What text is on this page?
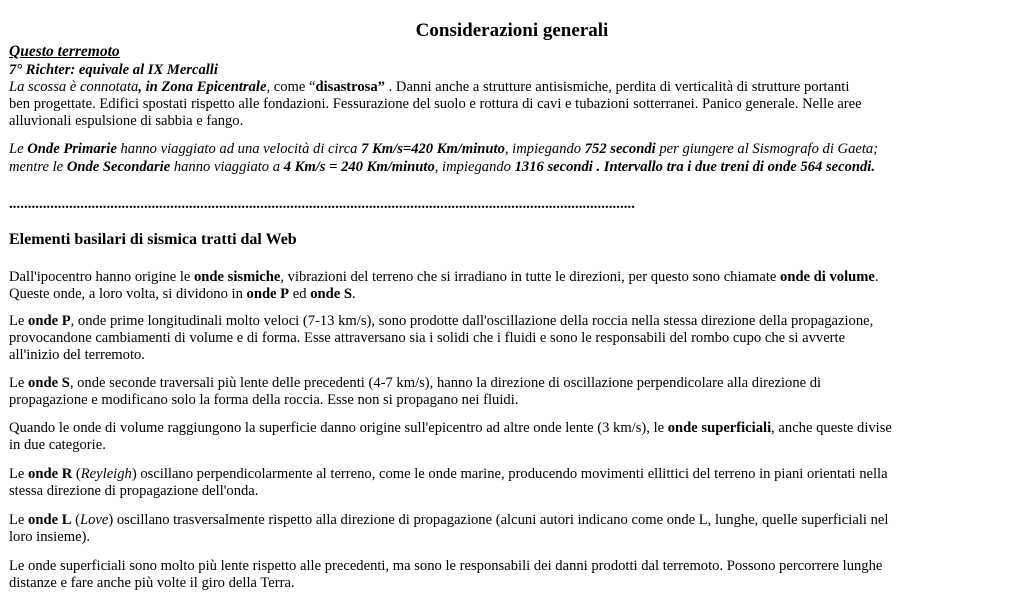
Considerazioni generali
Questo terremoto
7° Richter: equivale al IX Mercalli
La scossa è connotata, in Zona Epicentrale, come “disastrosa” . Danni anche a strutture antisismiche, perdita di verticalità di strutture portanti
ben progettate. Edifici spostati rispetto alle fondazioni. Fessurazione del suolo e rottura di cavi e tubazioni sotterranei. Panico generale. Nelle aree
alluvionali espulsione di sabbia e fango.
Le Onde Primarie hanno viaggiato ad una velocità di circa 7 Km/s=420 Km/minuto, impiegando 752 secondi per giungere al Sismografo di Gaeta;
mentre le Onde Secondarie hanno viaggiato a 4 Km/s = 240 Km/minuto, impiegando 1316 secondi . Intervallo tra i due treni di onde 564 secondi.
.......................................................................................................................................................................
Elementi basilari di sismica tratti dal Web
Dall'ipocentro hanno origine le onde sismiche, vibrazioni del terreno che si irradiano in tutte le direzioni, per questo sono chiamate onde di volume.
Queste onde, a loro volta, si dividono in onde P ed onde S.
Le onde P, onde prime longitudinali molto veloci (7-13 km/s), sono prodotte dall'oscillazione della roccia nella stessa direzione della propagazione,
provocandone cambiamenti di volume e di forma. Esse attraversano sia i solidi che i fluidi e sono le responsabili del rombo cupo che si avverte
all'inizio del terremoto.
Le onde S, onde seconde traversali più lente delle precedenti (4-7 km/s), hanno la direzione di oscillazione perpendicolare alla direzione di
propagazione e modificano solo la forma della roccia. Esse non si propagano nei fluidi.
Quando le onde di volume raggiungono la superficie danno origine sull'epicentro ad altre onde lente (3 km/s), le onde superficiali, anche queste divise
in due categorie.
Le onde R (Reyleigh) oscillano perpendicolarmente al terreno, come le onde marine, producendo movimenti ellittici del terreno in piani orientati nella
stessa direzione di propagazione dell'onda.
Le onde L (Love) oscillano trasversalmente rispetto alla direzione di propagazione (alcuni autori indicano come onde L, lunghe, quelle superficiali nel
loro insieme).
Le onde superficiali sono molto più lente rispetto alle precedenti, ma sono le responsabili dei danni prodotti dal terremoto. Possono percorrere lunghe
distanze e fare anche più volte il giro della Terra.
